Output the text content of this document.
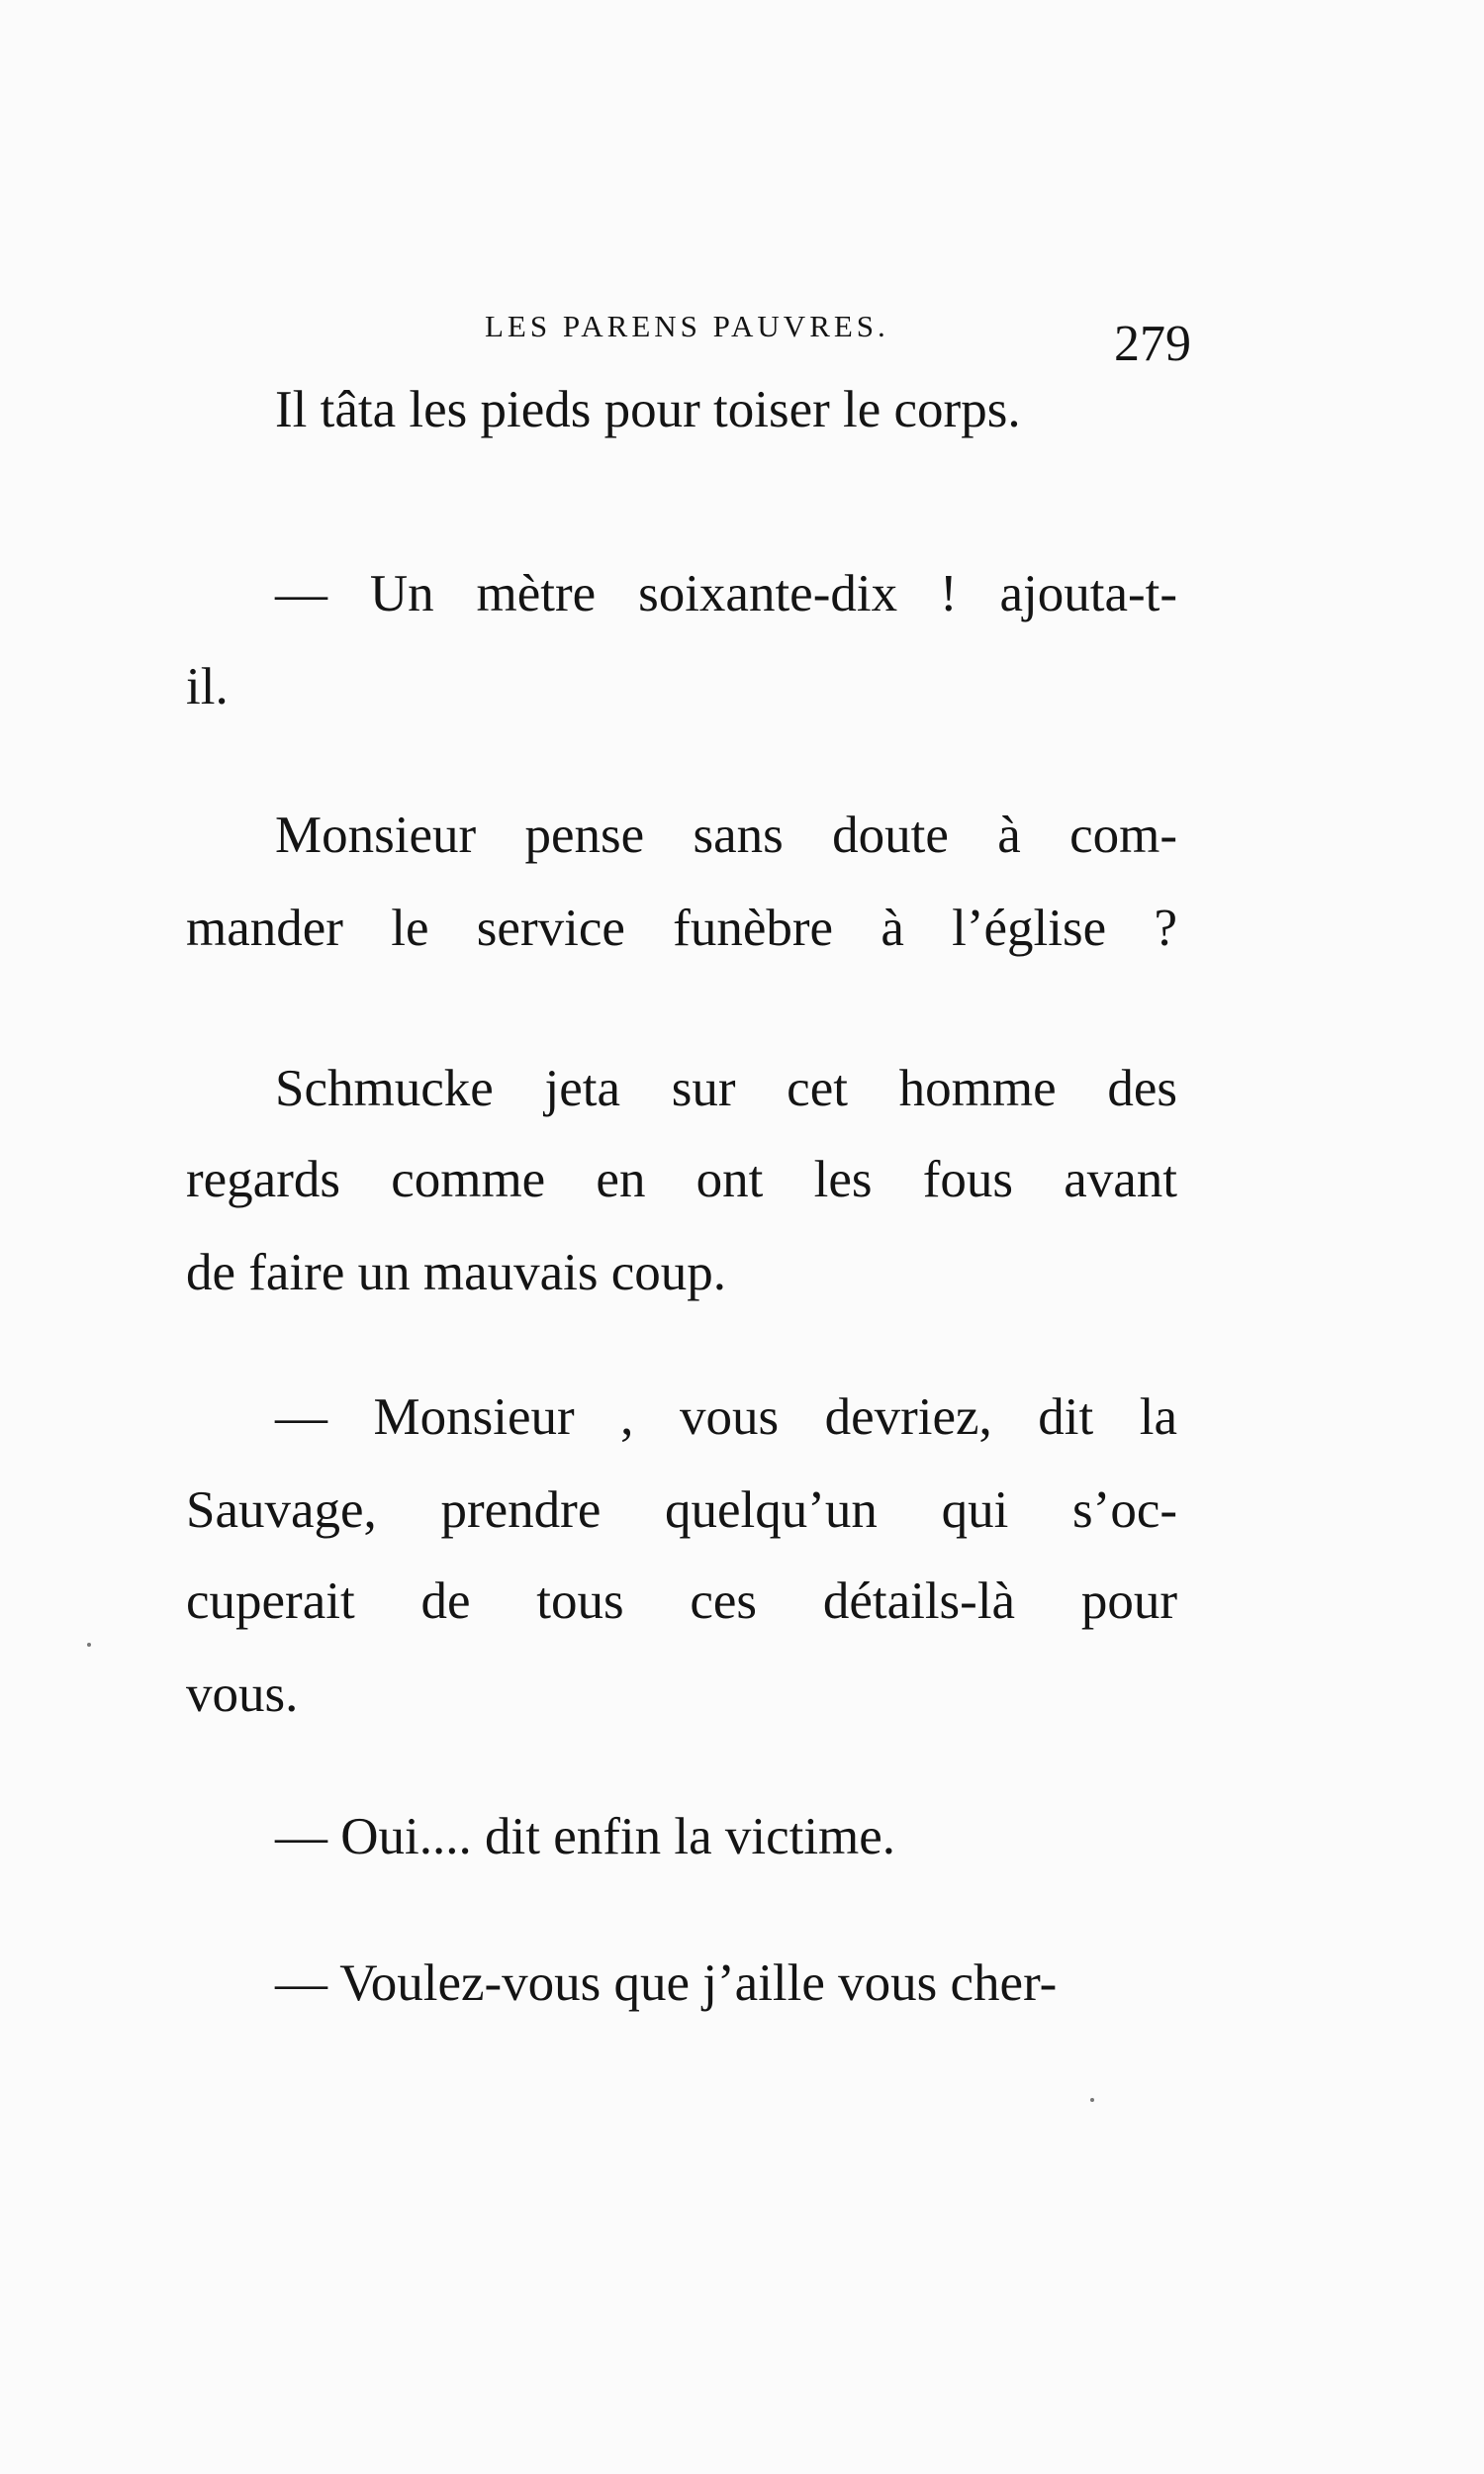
LES PARENS PAUVRES.	279
Il tâta les pieds pour toiser le corps.
— Un mètre soixante-dix ! ajouta-t-
il.
Monsieur pense sans doute à com-
mander le service funèbre à l’église ?
Schmucke jeta sur cet homme des
regards comme en ont les fous avant
de faire un mauvais coup.
— Monsieur , vous devriez, dit la
Sauvage, prendre quelqu’un qui s’oc-
cuperait de tous ces détails-là pour
vous.
— Oui.... dit enfin la victime.
— Voulez-vous que j’aille vous cher-
